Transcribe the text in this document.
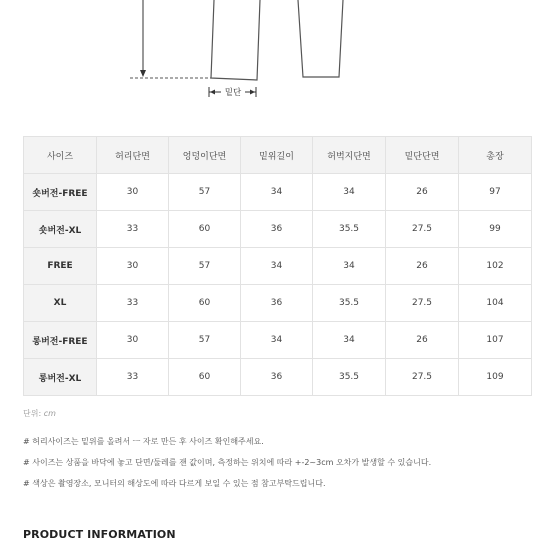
밑단
사이즈	허리단면	엉덩이단면	밑위길이	허벅지단면	밑단단면	총장
숏버전-FREE	30	57	34	34	26	97
숏버전-XL	33	60	36	35.5	27.5	99
FREE	30	57	34	34	26	102
XL	33	60	36	35.5	27.5	104
롱버전-FREE	30	57	34	34	26	107
롱버전-XL	33	60	36	35.5	27.5	109
단위: cm

# 허리사이즈는 밑위를 올려서 ㅡ 자로 만든 후 사이즈 확인해주세요.

# 사이즈는 상품을 바닥에 놓고 단면/둘레를 잰 값이며, 측정하는 위치에 따라 +-2~3cm 오차가 발생할 수 있습니다.

# 색상은 촬영장소, 모니터의 해상도에 따라 다르게 보일 수 있는 점 참고부탁드립니다.

PRODUCT INFORMATION
